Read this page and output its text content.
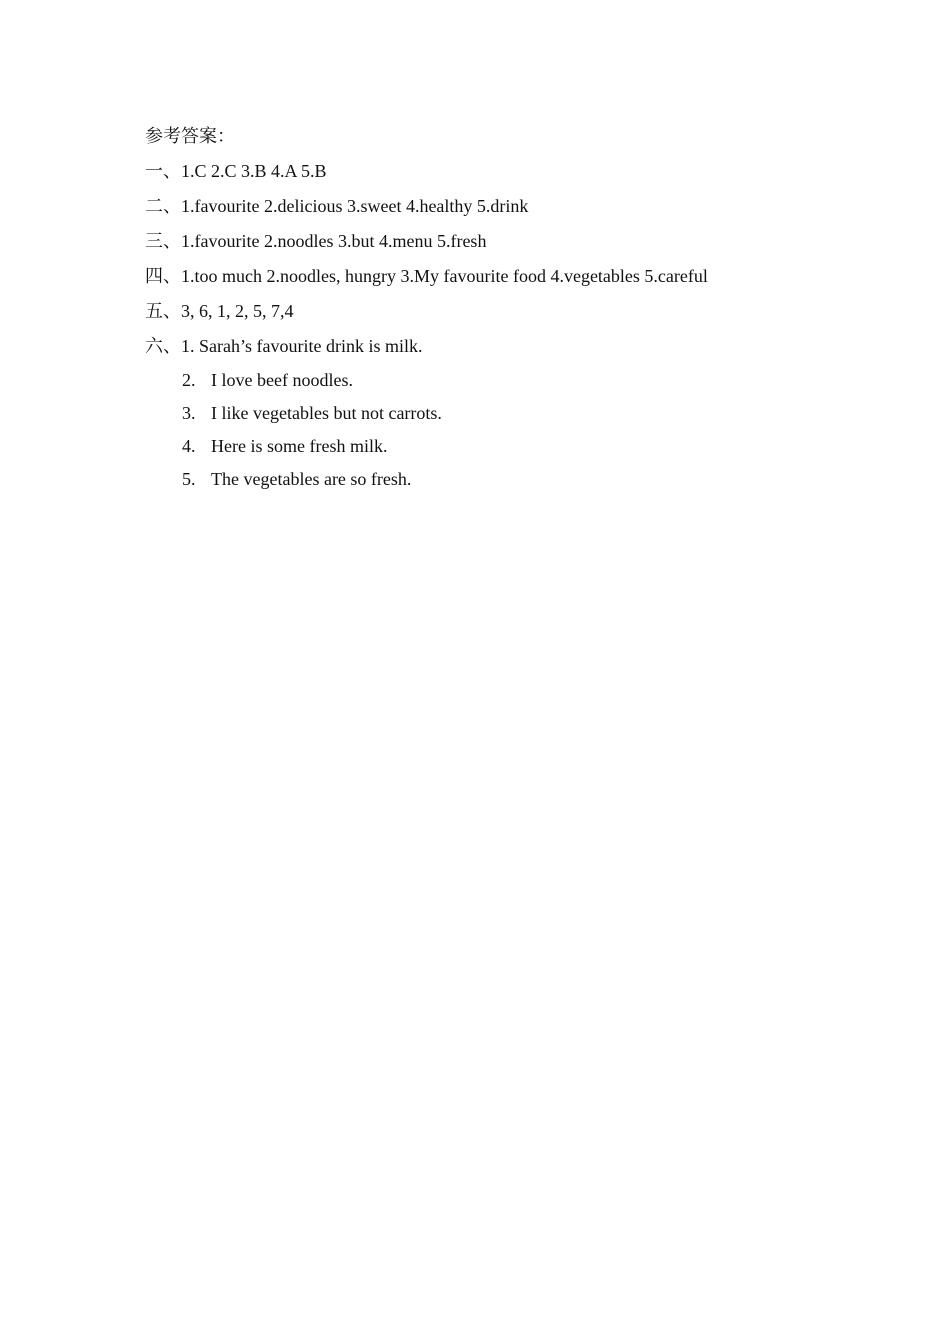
参考答案：
一、1.C 2.C 3.B 4.A 5.B
二、1.favourite 2.delicious 3.sweet 4.healthy 5.drink
三、1.favourite 2.noodles 3.but 4.menu 5.fresh
四、1.too much 2.noodles, hungry 3.My favourite food 4.vegetables 5.careful
五、3, 6, 1, 2, 5, 7,4
六、1. Sarah’s favourite drink is milk.
2. I love beef noodles.
3. I like vegetables but not carrots.
4. Here is some fresh milk.
5. The vegetables are so fresh.
